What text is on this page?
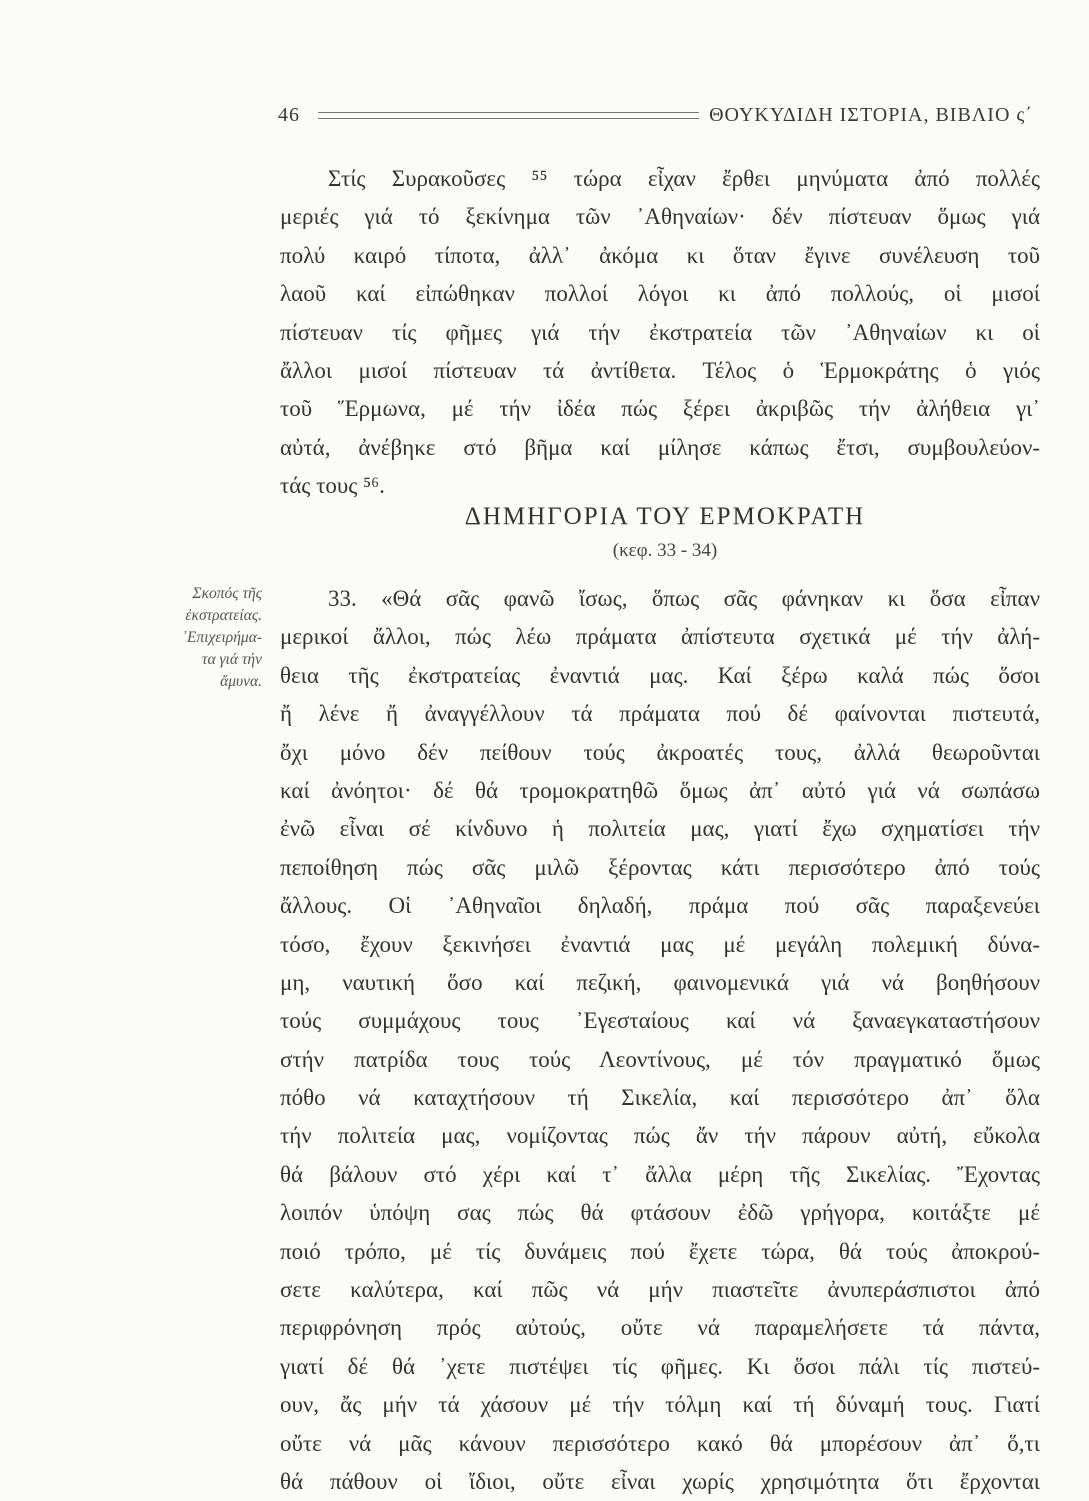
46	ΘΟΥΚΥΔΙΔΗ ΙΣΤΟΡΙΑ, ΒΙΒΛΙΟ ς΄
Στίς Συρακοῦσες ⁵⁵ τώρα εἶχαν ἔρθει μηνύματα ἀπό πολλές
μεριές γιά τό ξεκίνημα τῶν ᾿Αθηναίων· δέν πίστευαν ὅμως γιά
πολύ καιρό τίποτα, ἀλλ᾿ ἀκόμα κι ὅταν ἔγινε συνέλευση τοῦ
λαοῦ καί εἰπώθηκαν πολλοί λόγοι κι ἀπό πολλούς, οἱ μισοί
πίστευαν τίς φῆμες γιά τήν ἐκστρατεία τῶν ᾿Αθηναίων κι οἱ
ἄλλοι μισοί πίστευαν τά ἀντίθετα. Τέλος ὁ Ἑρμοκράτης ὁ γιός
τοῦ Ἕρμωνα, μέ τήν ἰδέα πώς ξέρει ἀκριβῶς τήν ἀλήθεια γι᾿
αὐτά, ἀνέβηκε στό βῆμα καί μίλησε κάπως ἔτσι, συμβουλεύον-
τάς τους ⁵⁶.
ΔΗΜΗΓΟΡΙΑ ΤΟΥ ΕΡΜΟΚΡΑΤΗ
(κεφ. 33 - 34)
Σκοπός τῆς
ἐκστρατείας.
᾿Επιχειρήμα-
τα γιά τήν
ἄμυνα.
33. «Θά σᾶς φανῶ ἴσως, ὅπως σᾶς φάνηκαν κι ὅσα εἶπαν
μερικοί ἄλλοι, πώς λέω πράματα ἀπίστευτα σχετικά μέ τήν ἀλή-
θεια τῆς ἐκστρατείας ἐναντιά μας. Καί ξέρω καλά πώς ὅσοι
ἤ λένε ἤ ἀναγγέλλουν τά πράματα πού δέ φαίνονται πιστευτά,
ὄχι μόνο δέν πείθουν τούς ἀκροατές τους, ἀλλά θεωροῦνται
καί ἀνόητοι· δέ θά τρομοκρατηθῶ ὅμως ἀπ᾿ αὐτό γιά νά σωπάσω
ἐνῶ εἶναι σέ κίνδυνο ἡ πολιτεία μας, γιατί ἔχω σχηματίσει τήν
πεποίθηση πώς σᾶς μιλῶ ξέροντας κάτι περισσότερο ἀπό τούς
ἄλλους. Οἱ ᾿Αθηναῖοι δηλαδή, πράμα πού σᾶς παραξενεύει
τόσο, ἔχουν ξεκινήσει ἐναντιά μας μέ μεγάλη πολεμική δύνα-
μη, ναυτική ὅσο καί πεζική, φαινομενικά γιά νά βοηθήσουν
τούς συμμάχους τους ᾿Εγεσταίους καί νά ξαναεγκαταστήσουν
στήν πατρίδα τους τούς Λεοντίνους, μέ τόν πραγματικό ὅμως
πόθο νά καταχτήσουν τή Σικελία, καί περισσότερο ἀπ᾿ ὅλα
τήν πολιτεία μας, νομίζοντας πώς ἄν τήν πάρουν αὐτή, εὔκολα
θά βάλουν στό χέρι καί τ᾿ ἄλλα μέρη τῆς Σικελίας. Ἔχοντας
λοιπόν ὑπόψη σας πώς θά φτάσουν ἐδῶ γρήγορα, κοιτάξτε μέ
ποιό τρόπο, μέ τίς δυνάμεις πού ἔχετε τώρα, θά τούς ἀποκρού-
σετε καλύτερα, καί πῶς νά μήν πιαστεῖτε ἀνυπεράσπιστοι ἀπό
περιφρόνηση πρός αὐτούς, οὔτε νά παραμελήσετε τά πάντα,
γιατί δέ θά ᾿χετε πιστέψει τίς φῆμες. Κι ὅσοι πάλι τίς πιστεύ-
ουν, ἄς μήν τά χάσουν μέ τήν τόλμη καί τή δύναμή τους. Γιατί
οὔτε νά μᾶς κάνουν περισσότερο κακό θά μπορέσουν ἀπ᾿ ὅ,τι
θά πάθουν οἱ ἴδιοι, οὔτε εἶναι χωρίς χρησιμότητα ὅτι ἔρχονται
